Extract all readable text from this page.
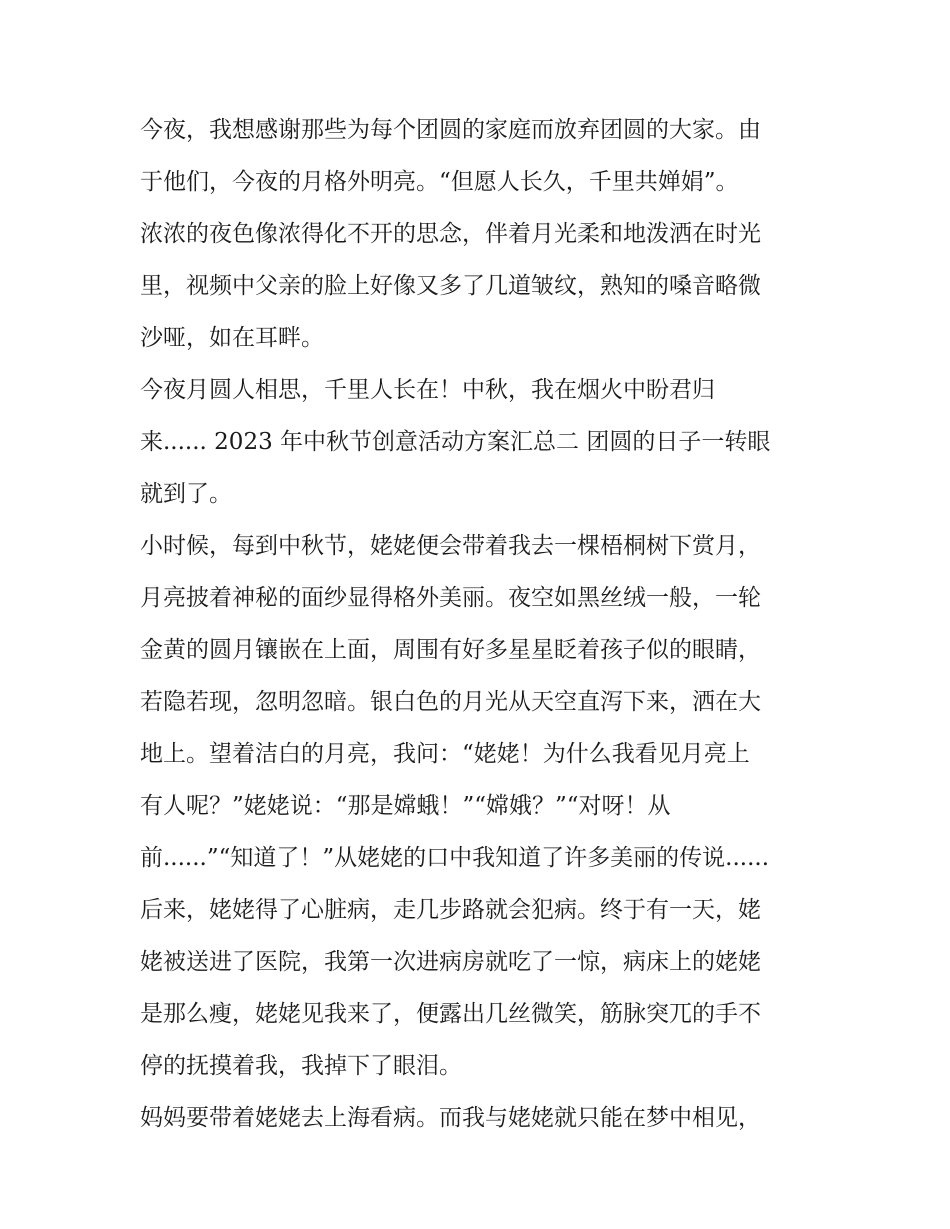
今夜，我想感谢那些为每个团圆的家庭而放弃团圆的大家。由
于他们，今夜的月格外明亮。“但愿人长久，千里共婵娟”。
浓浓的夜色像浓得化不开的思念，伴着月光柔和地泼洒在时光
里，视频中父亲的脸上好像又多了几道皱纹，熟知的嗓音略微
沙哑，如在耳畔。
今夜月圆人相思，千里人长在！中秋，我在烟火中盼君归
来...... 2023 年中秋节创意活动方案汇总二 团圆的日子一转眼
就到了。
小时候，每到中秋节，姥姥便会带着我去一棵梧桐树下赏月，
月亮披着神秘的面纱显得格外美丽。夜空如黑丝绒一般，一轮
金黄的圆月镶嵌在上面，周围有好多星星眨着孩子似的眼睛，
若隐若现，忽明忽暗。银白色的月光从天空直泻下来，洒在大
地上。望着洁白的月亮，我问：“姥姥！为什么我看见月亮上
有人呢？”姥姥说：“那是嫦蛾！”“嫦娥？”“对呀！从
前......”“知道了！”从姥姥的口中我知道了许多美丽的传说......
后来，姥姥得了心脏病，走几步路就会犯病。终于有一天，姥
姥被送进了医院，我第一次进病房就吃了一惊，病床上的姥姥
是那么瘦，姥姥见我来了，便露出几丝微笑，筋脉突兀的手不
停的抚摸着我，我掉下了眼泪。
妈妈要带着姥姥去上海看病。而我与姥姥就只能在梦中相见，
